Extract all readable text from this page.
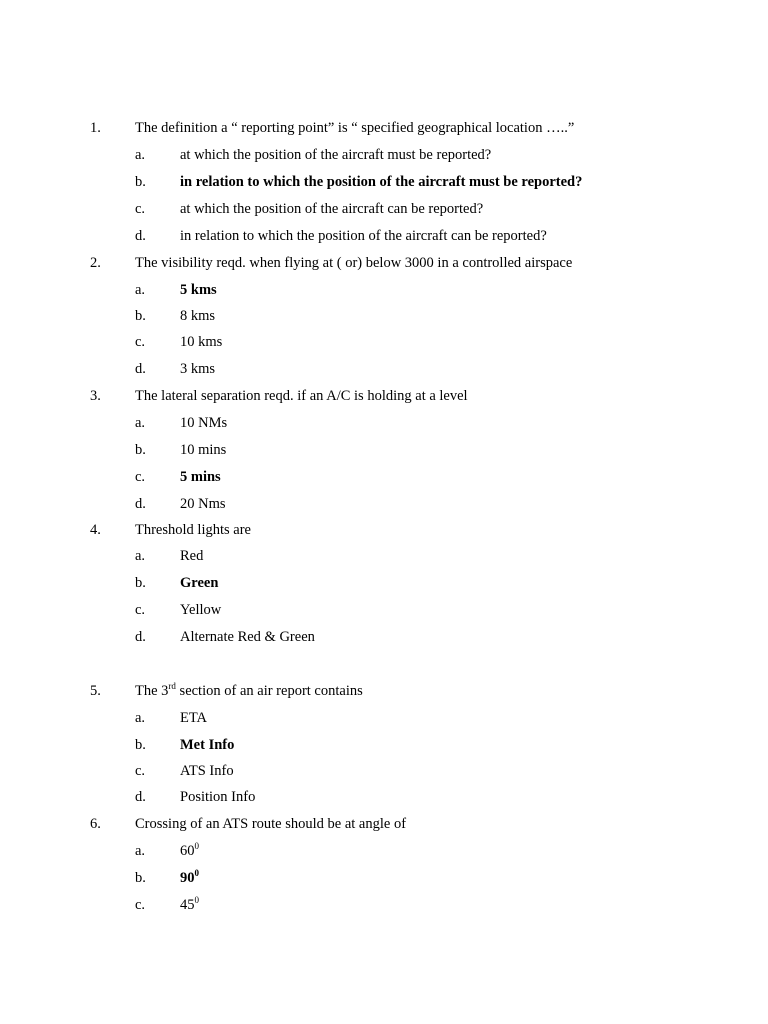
1. The definition a “ reporting point” is “ specified geographical location …..”
a. at which the position of the aircraft must be reported?
b. in relation to which the position of the aircraft must be reported?
c. at which the position of the aircraft can be reported?
d. in relation to which the position of the aircraft can be reported?
2. The visibility reqd. when flying at ( or) below 3000 in a controlled airspace
a. 5 kms
b. 8 kms
c. 10 kms
d. 3 kms
3. The lateral separation reqd. if an A/C is holding at a level
a. 10 NMs
b. 10 mins
c. 5 mins
d. 20 Nms
4. Threshold lights are
a. Red
b. Green
c. Yellow
d. Alternate Red & Green
5. The 3rd section of an air report contains
a. ETA
b. Met Info
c. ATS Info
d. Position Info
6. Crossing of an ATS route should be at angle of
a. $60^0$
b. $90^0$
c. $45^0$
